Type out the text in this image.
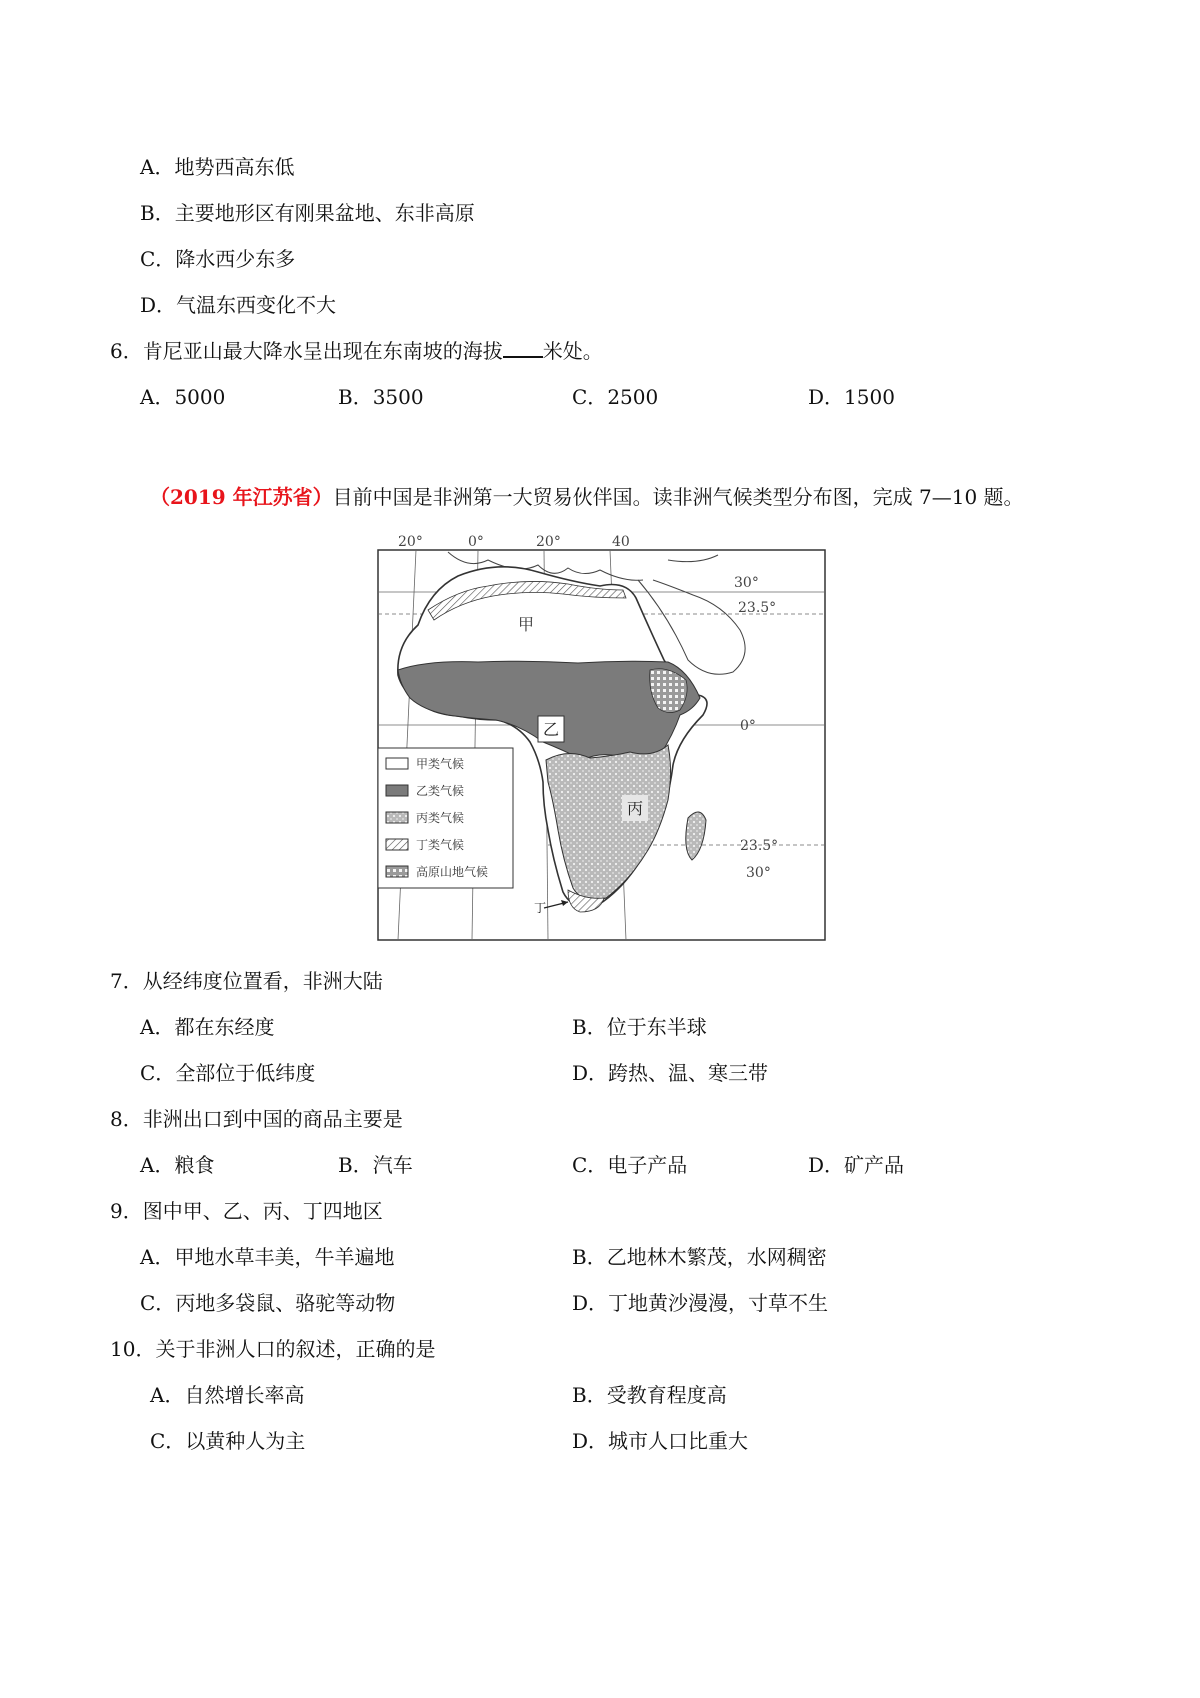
A．地势西高东低
B．主要地形区有刚果盆地、东非高原
C．降水西少东多
D．气温东西变化不大
6．肯尼亚山最大降水呈出现在东南坡的海拔 米处。
A．5000	B．3500	C．2500	D．1500
（2019 年江苏省）目前中国是非洲第一大贸易伙伴国。读非洲气候类型分布图，完成 7—10 题。
甲
乙
丙
丁
20°	0°	20°	40
30°
23.5°
0°
23.5°
30°
甲类气候
乙类气候
丙类气候
丁类气候
高原山地气候
7．从经纬度位置看，非洲大陆
A．都在东经度	B．位于东半球
C．全部位于低纬度	D．跨热、温、寒三带
8．非洲出口到中国的商品主要是
A．粮食	B．汽车	C．电子产品	D．矿产品
9．图中甲、乙、丙、丁四地区
A．甲地水草丰美，牛羊遍地	B．乙地林木繁茂，水网稠密
C．丙地多袋鼠、骆驼等动物	D．丁地黄沙漫漫，寸草不生
10．关于非洲人口的叙述，正确的是
A．自然增长率高	B．受教育程度高
C．以黄种人为主	D．城市人口比重大
